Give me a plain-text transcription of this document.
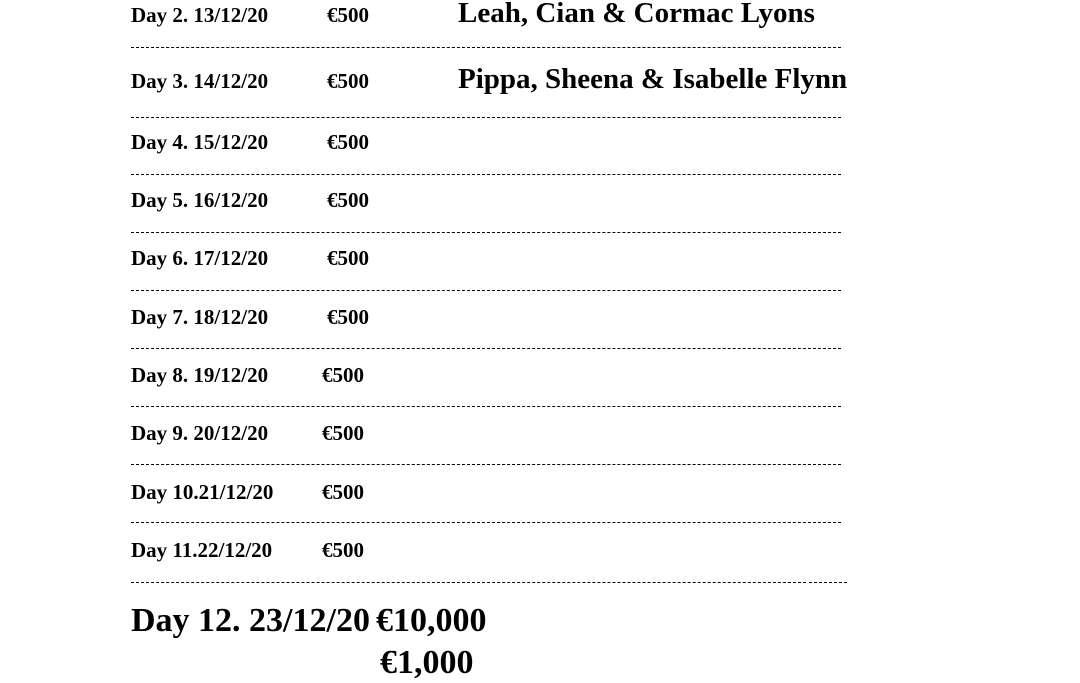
Day 2. 13/12/20	€500	Leah, Cian & Cormac Lyons
Day 3. 14/12/20	€500	Pippa, Sheena & Isabelle Flynn
Day 4. 15/12/20	€500
Day 5. 16/12/20	€500
Day 6. 17/12/20	€500
Day 7. 18/12/20	€500
Day 8. 19/12/20	€500
Day 9. 20/12/20	€500
Day 10.21/12/20 €500
Day 11.22/12/20 €500
Day 12. 23/12/20 €10,000
€1,000
